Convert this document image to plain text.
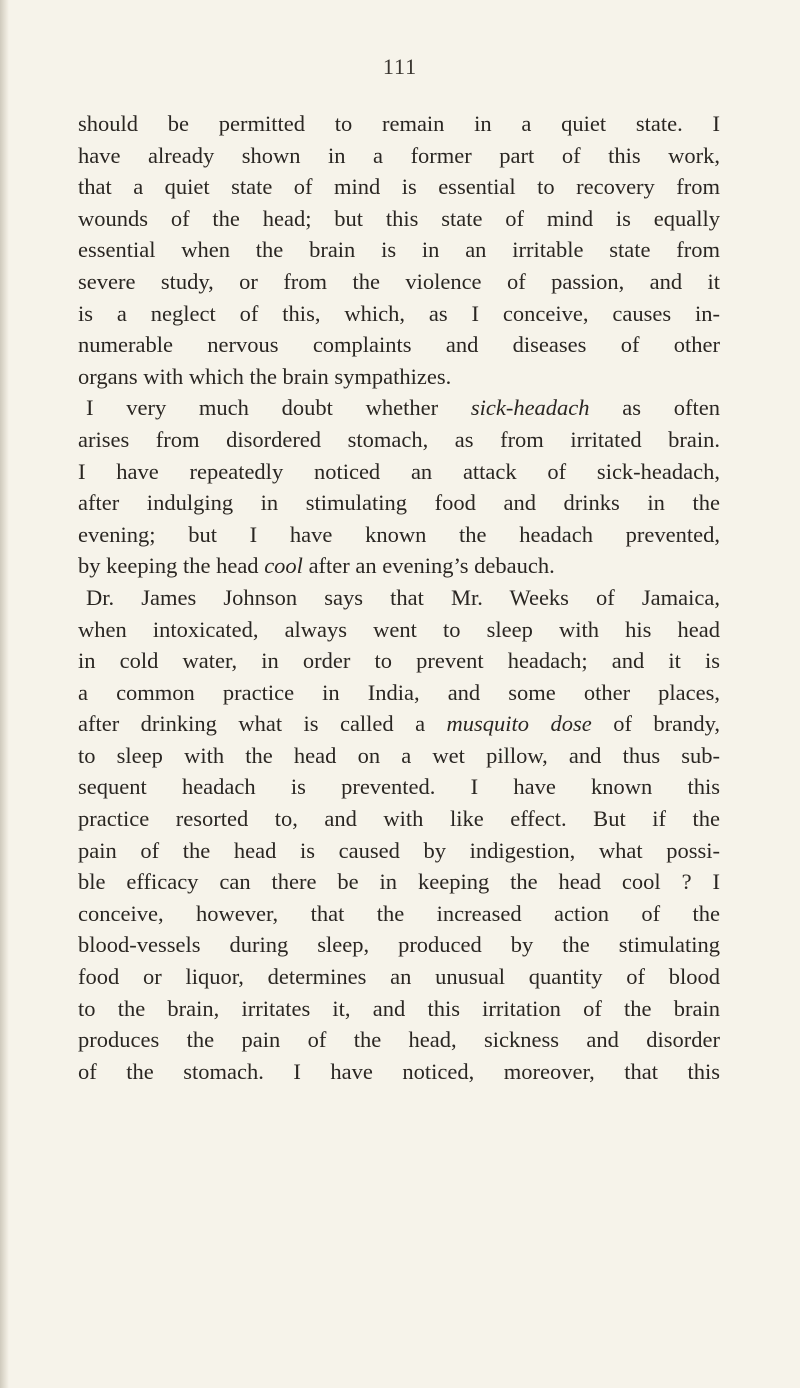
111
should be permitted to remain in a quiet state. I
have already shown in a former part of this work,
that a quiet state of mind is essential to recovery from
wounds of the head; but this state of mind is equally
essential when the brain is in an irritable state from
severe study, or from the violence of passion, and it
is a neglect of this, which, as I conceive, causes in-
numerable nervous complaints and diseases of other
organs with which the brain sympathizes.
I very much doubt whether sick-headach as often
arises from disordered stomach, as from irritated brain.
I have repeatedly noticed an attack of sick-headach,
after indulging in stimulating food and drinks in the
evening; but I have known the headach prevented,
by keeping the head cool after an evening’s debauch.
Dr. James Johnson says that Mr. Weeks of Jamaica,
when intoxicated, always went to sleep with his head
in cold water, in order to prevent headach; and it is
a common practice in India, and some other places,
after drinking what is called a musquito dose of brandy,
to sleep with the head on a wet pillow, and thus sub-
sequent headach is prevented. I have known this
practice resorted to, and with like effect. But if the
pain of the head is caused by indigestion, what possi-
ble efficacy can there be in keeping the head cool ? I
conceive, however, that the increased action of the
blood-vessels during sleep, produced by the stimulating
food or liquor, determines an unusual quantity of blood
to the brain, irritates it, and this irritation of the brain
produces the pain of the head, sickness and disorder
of the stomach. I have noticed, moreover, that this
